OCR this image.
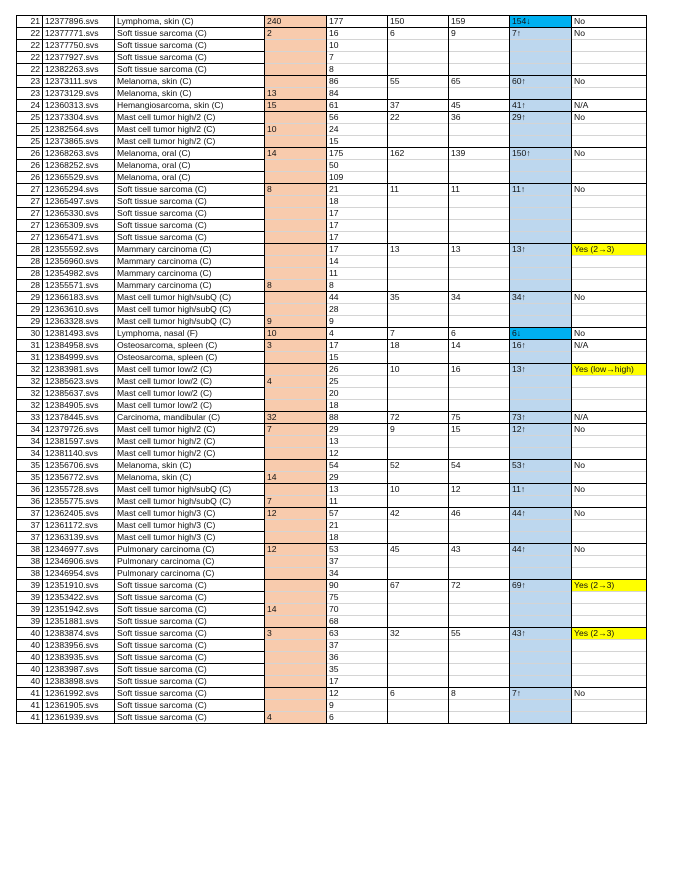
21	12377896.svs	Lymphoma, skin (C)	240	177	150	159	154↓	No
22	12377771.svs	Soft tissue sarcoma (C)	2	16	6	9	7↑	No
22	12377750.svs	Soft tissue sarcoma (C)		10				
22	12377927.svs	Soft tissue sarcoma (C)		7				
22	12382263.svs	Soft tissue sarcoma (C)		8				
23	12373111.svs	Melanoma, skin (C)		86	55	65	60↑	No
23	12373129.svs	Melanoma, skin (C)	13	84				
24	12360313.svs	Hemangiosarcoma, skin (C)	15	61	37	45	41↑	N/A
25	12373304.svs	Mast cell tumor high/2 (C)		56	22	36	29↑	No
25	12382564.svs	Mast cell tumor high/2 (C)	10	24				
25	12373865.svs	Mast cell tumor high/2 (C)		15				
26	12368263.svs	Melanoma, oral (C)	14	175	162	139	150↑	No
26	12368252.svs	Melanoma, oral (C)		50				
26	12365529.svs	Melanoma, oral (C)		109				
27	12365294.svs	Soft tissue sarcoma (C)	8	21	11	11	11↑	No
27	12365497.svs	Soft tissue sarcoma (C)		18				
27	12365330.svs	Soft tissue sarcoma (C)		17				
27	12365309.svs	Soft tissue sarcoma (C)		17				
27	12365471.svs	Soft tissue sarcoma (C)		17				
28	12355592.svs	Mammary carcinoma (C)		17	13	13	13↑	Yes (2→3)
28	12356960.svs	Mammary carcinoma (C)		14				
28	12354982.svs	Mammary carcinoma (C)		11				
28	12355571.svs	Mammary carcinoma (C)	8	8				
29	12366183.svs	Mast cell tumor high/subQ (C)		44	35	34	34↑	No
29	12363610.svs	Mast cell tumor high/subQ (C)		28				
29	12363328.svs	Mast cell tumor high/subQ (C)	9	9				
30	12381493.svs	Lymphoma, nasal (F)	10	4	7	6	6↓	No
31	12384958.svs	Osteosarcoma, spleen (C)	3	17	18	14	16↑	N/A
31	12384999.svs	Osteosarcoma, spleen (C)		15				
32	12383981.svs	Mast cell tumor low/2 (C)		26	10	16	13↑	Yes (low→high)
32	12385623.svs	Mast cell tumor low/2 (C)	4	25				
32	12385637.svs	Mast cell tumor low/2 (C)		20				
32	12384905.svs	Mast cell tumor low/2 (C)		18				
33	12378445.svs	Carcinoma, mandibular (C)	32	88	72	75	73↑	N/A
34	12379726.svs	Mast cell tumor high/2 (C)	7	29	9	15	12↑	No
34	12381597.svs	Mast cell tumor high/2 (C)		13				
34	12381140.svs	Mast cell tumor high/2 (C)		12				
35	12356706.svs	Melanoma, skin (C)		54	52	54	53↑	No
35	12356772.svs	Melanoma, skin (C)	14	29				
36	12355728.svs	Mast cell tumor high/subQ (C)		13	10	12	11↑	No
36	12355775.svs	Mast cell tumor high/subQ (C)	7	11				
37	12362405.svs	Mast cell tumor high/3 (C)	12	57	42	46	44↑	No
37	12361172.svs	Mast cell tumor high/3 (C)		21				
37	12363139.svs	Mast cell tumor high/3 (C)		18				
38	12346977.svs	Pulmonary carcinoma (C)	12	53	45	43	44↑	No
38	12346906.svs	Pulmonary carcinoma (C)		37				
38	12346954.svs	Pulmonary carcinoma (C)		34				
39	12351910.svs	Soft tissue sarcoma (C)		90	67	72	69↑	Yes (2→3)
39	12353422.svs	Soft tissue sarcoma (C)		75				
39	12351942.svs	Soft tissue sarcoma (C)	14	70				
39	12351881.svs	Soft tissue sarcoma (C)		68				
40	12383874.svs	Soft tissue sarcoma (C)	3	63	32	55	43↑	Yes (2→3)
40	12383956.svs	Soft tissue sarcoma (C)		37				
40	12383935.svs	Soft tissue sarcoma (C)		36				
40	12383987.svs	Soft tissue sarcoma (C)		35				
40	12383898.svs	Soft tissue sarcoma (C)		17				
41	12361992.svs	Soft tissue sarcoma (C)		12	6	8	7↑	No
41	12361905.svs	Soft tissue sarcoma (C)		9				
41	12361939.svs	Soft tissue sarcoma (C)	4	6				
